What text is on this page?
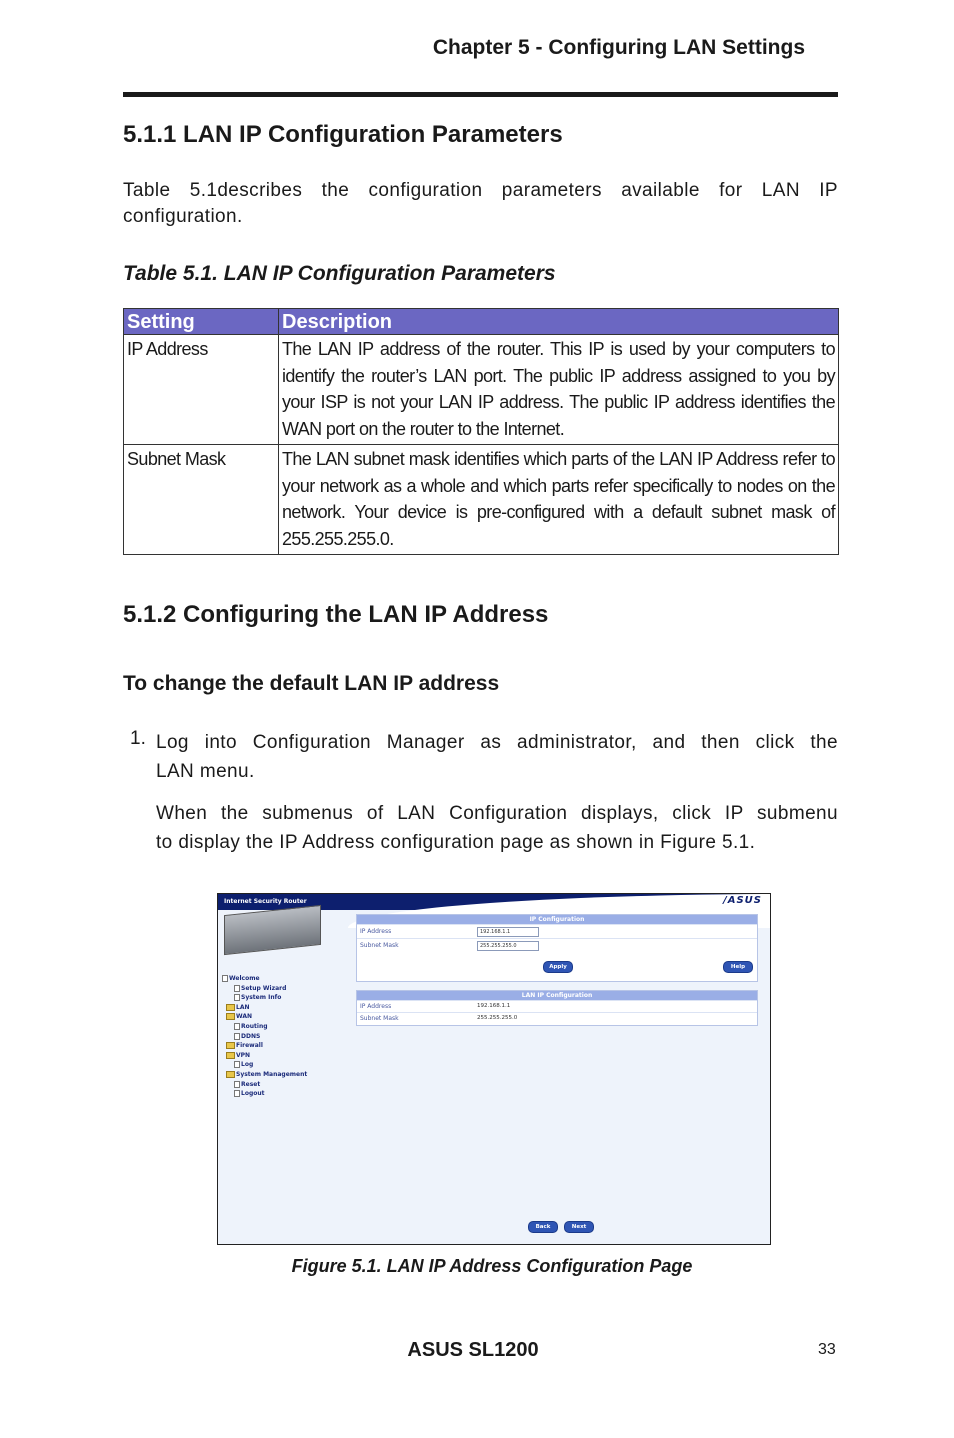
Chapter 5 - Configuring LAN Settings
5.1.1 LAN IP Configuration Parameters
Table 5.1describes the configuration parameters available for LAN IP
configuration.
Table 5.1. LAN IP Configuration Parameters
Setting	Description
IP Address	The LAN IP address of the router. This IP is used by your computers to identify the router’s LAN port. The public IP address assigned to you by your ISP is not your LAN IP address. The public IP address identifies the WAN port on the router to the Internet.
Subnet Mask	The LAN subnet mask identifies which parts of the LAN IP Address refer to your network as a whole and which parts refer specifically to nodes on the network. Your device is pre-configured with a default subnet mask of 255.255.255.0.
5.1.2 Configuring the LAN IP Address
To change the default LAN IP address
1. Log into Configuration Manager as administrator, and then click the
LAN menu.
When the submenus of LAN Configuration displays, click IP submenu
to display the IP Address configuration page as shown in Figure 5.1.
/ASUS
Internet Security Router
Welcome
Setup Wizard
System Info
LAN
WAN
Routing
DDNS
Firewall
VPN
Log
System Management
Reset
Logout
IP Configuration
IP Address	192.168.1.1
Subnet Mask	255.255.255.0
Apply	Help
LAN IP Configuration
IP Address	192.168.1.1
Subnet Mask	255.255.255.0
Back	Next
Figure 5.1. LAN IP Address Configuration Page
ASUS SL1200	33
